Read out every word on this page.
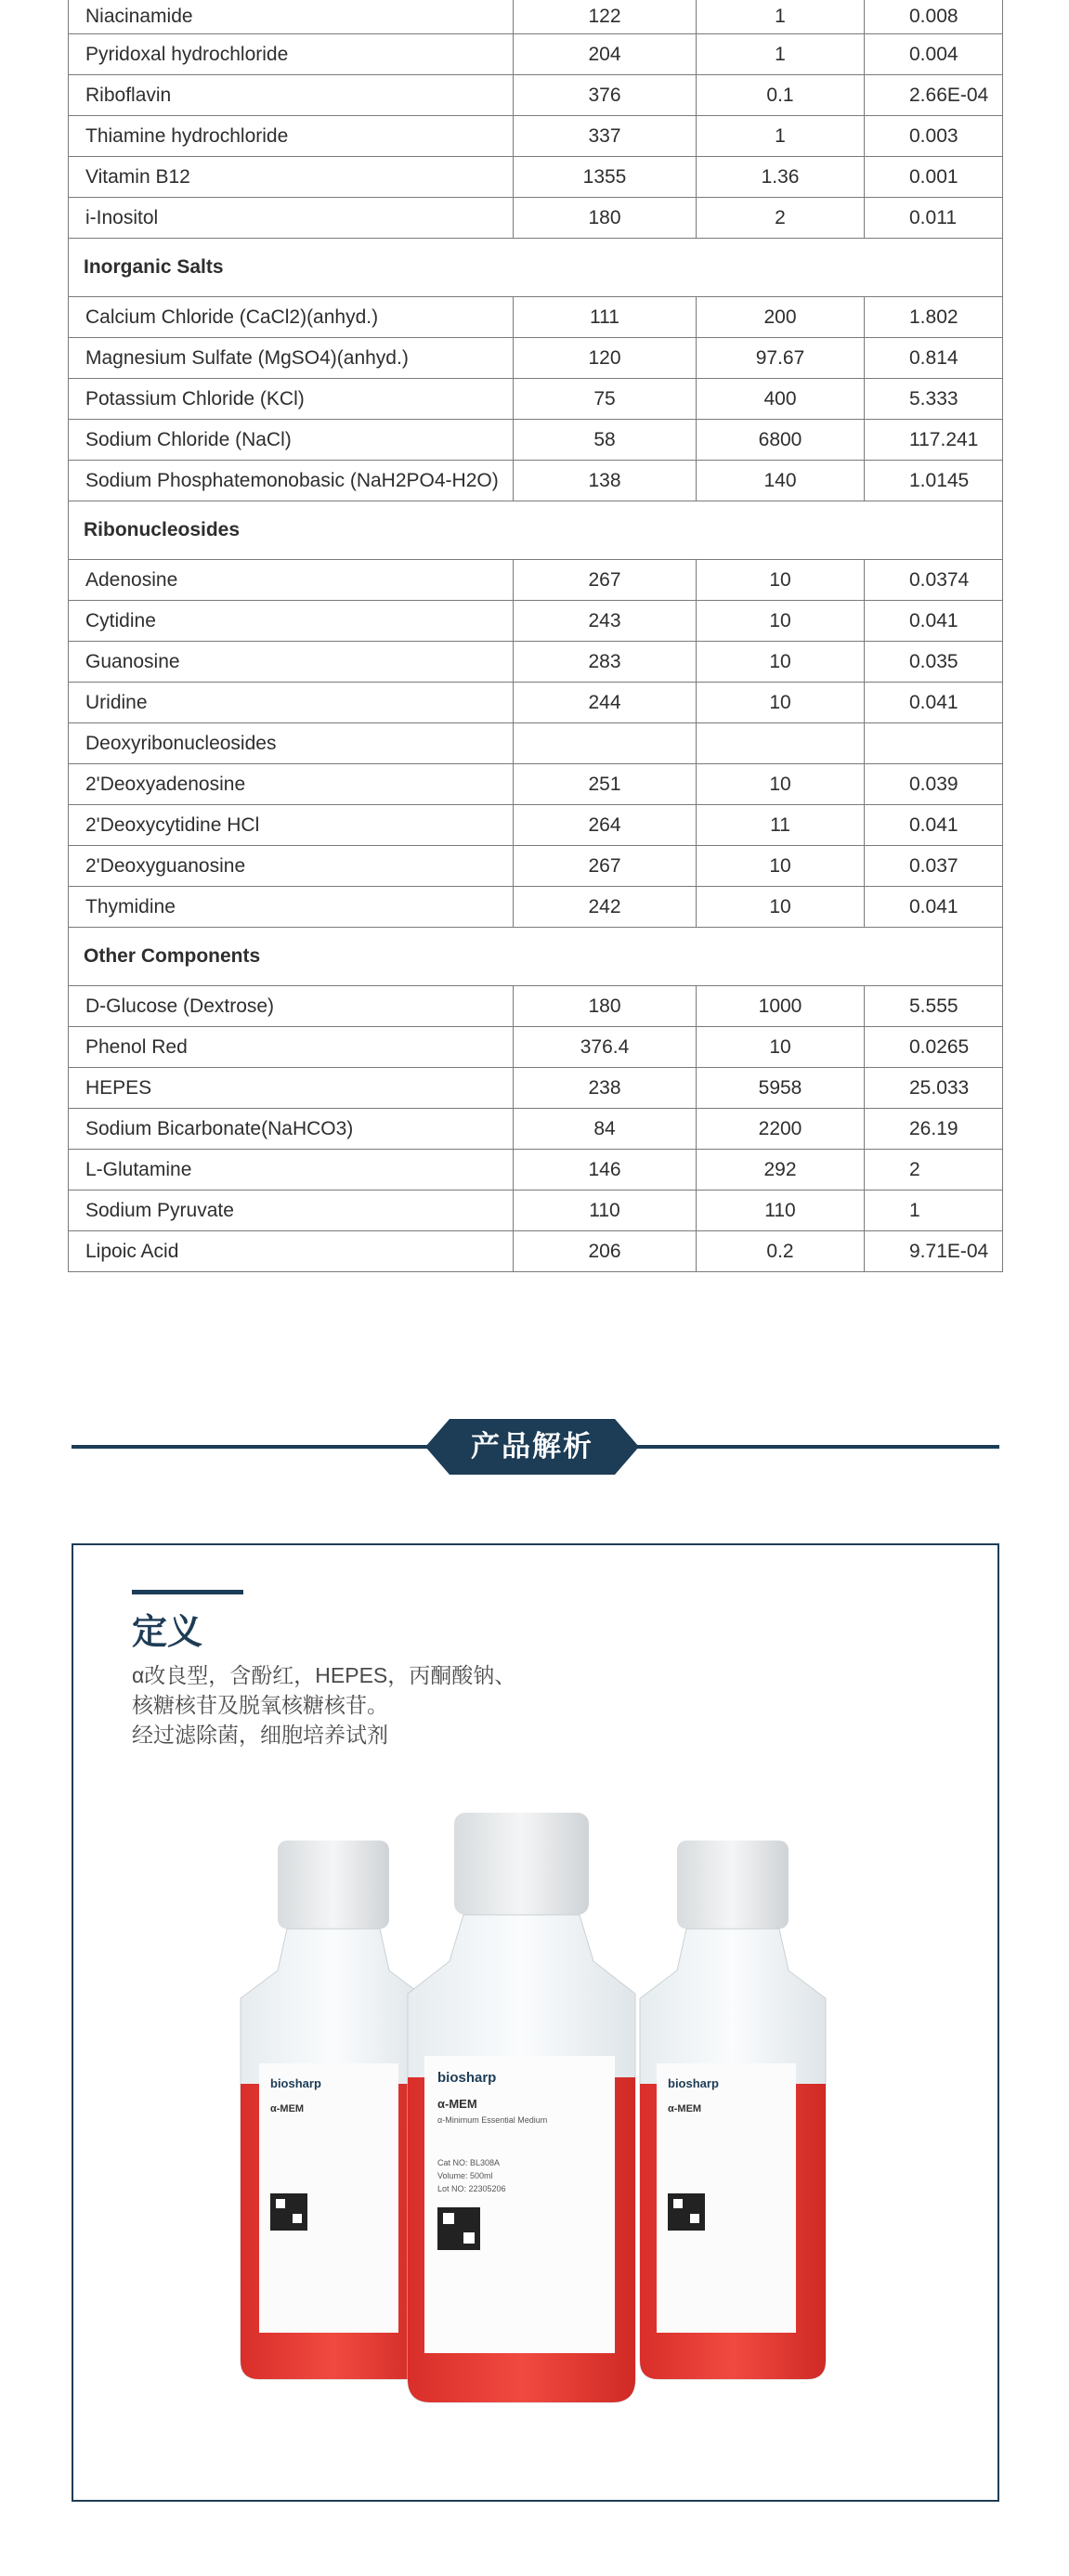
Niacinamide	122	1	0.008
Pyridoxal hydrochloride	204	1	0.004
Riboflavin	376	0.1	2.66E-04
Thiamine hydrochloride	337	1	0.003
Vitamin B12	1355	1.36	0.001
i-Inositol	180	2	0.011
Inorganic Salts			
Calcium Chloride (CaCl2)(anhyd.)	111	200	1.802
Magnesium Sulfate (MgSO4)(anhyd.)	120	97.67	0.814
Potassium Chloride (KCl)	75	400	5.333
Sodium Chloride (NaCl)	58	6800	117.241
Sodium Phosphatemonobasic (NaH2PO4-H2O)	138	140	1.0145
Ribonucleosides			
Adenosine	267	10	0.0374
Cytidine	243	10	0.041
Guanosine	283	10	0.035
Uridine	244	10	0.041
Deoxyribonucleosides			
2'Deoxyadenosine	251	10	0.039
2'Deoxycytidine HCl	264	11	0.041
2'Deoxyguanosine	267	10	0.037
Thymidine	242	10	0.041
Other Components			
D-Glucose (Dextrose)	180	1000	5.555
Phenol Red	376.4	10	0.0265
HEPES	238	5958	25.033
Sodium Bicarbonate(NaHCO3)	84	2200	26.19
L-Glutamine	146	292	2
Sodium Pyruvate	110	110	1
Lipoic Acid	206	0.2	9.71E-04
产品解析
定义
α改良型，含酚红，HEPES，丙酮酸钠、
核糖核苷及脱氧核糖核苷。
经过滤除菌，细胞培养试剂
biosharp
α-MEM
biosharp
α-MEM
biosharp
α-MEM
α-Minimum Essential Medium
Cat NO: BL308A
Volume: 500ml
Lot NO: 22305206
